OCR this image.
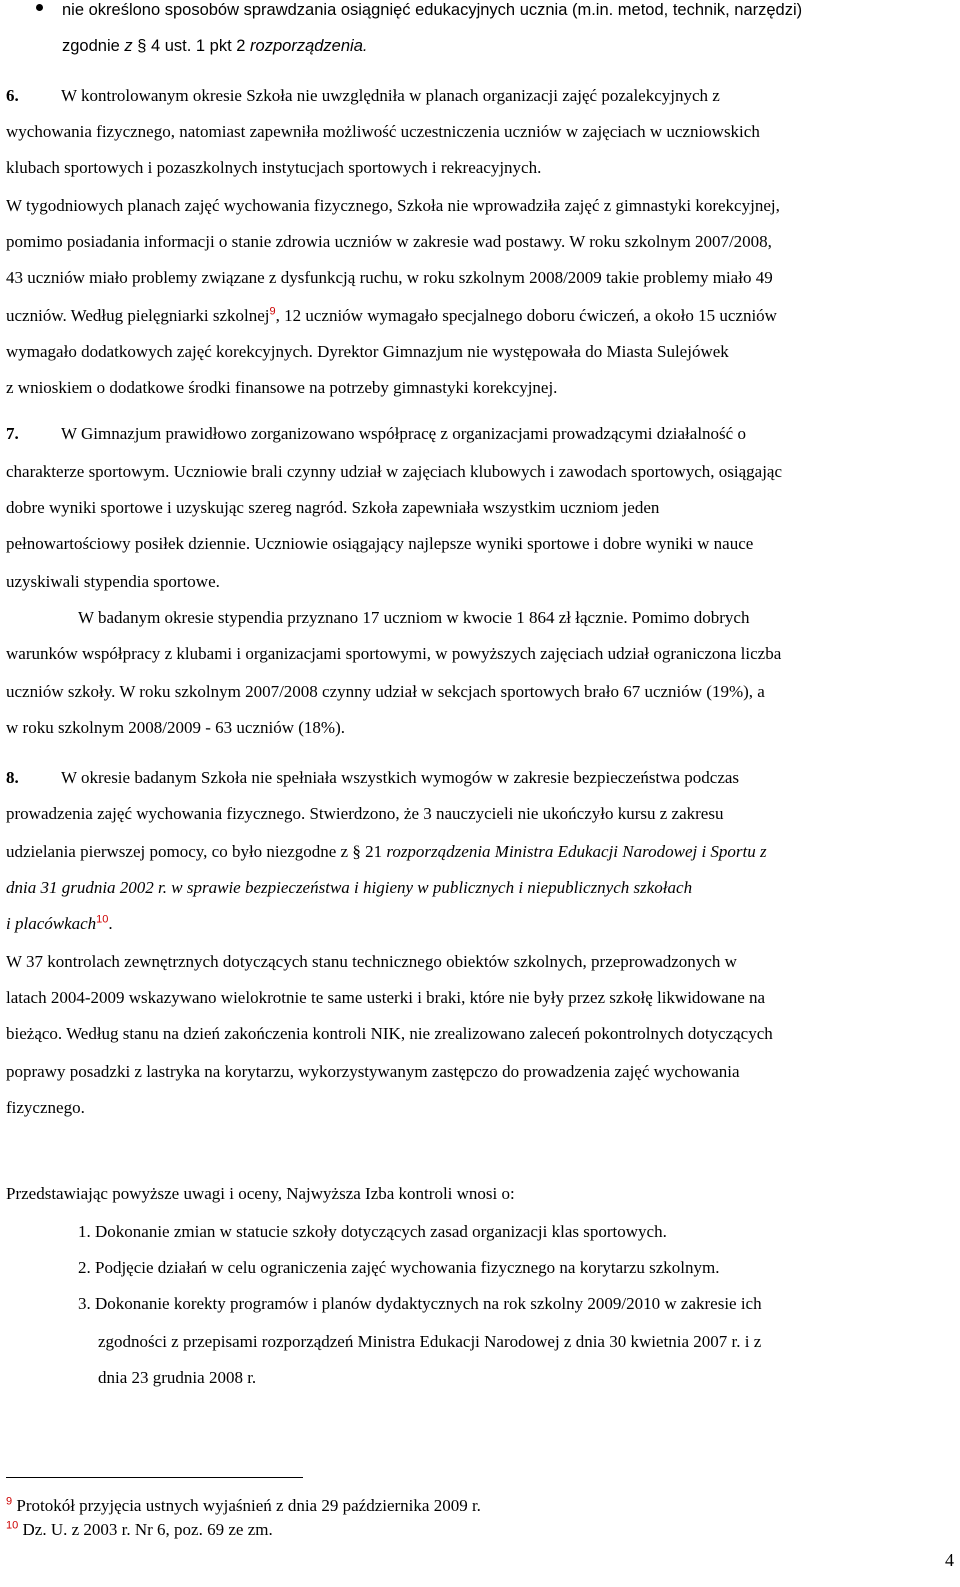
nie określono sposobów sprawdzania osiągnięć edukacyjnych ucznia (m.in. metod, technik, narzędzi)
zgodnie z § 4 ust. 1 pkt 2 rozporządzenia.
6. W kontrolowanym okresie Szkoła nie uwzględniła w planach organizacji zajęć pozalekcyjnych z
wychowania fizycznego, natomiast zapewniła możliwość uczestniczenia uczniów w zajęciach w uczniowskich
klubach sportowych i pozaszkolnych instytucjach sportowych i rekreacyjnych.
W tygodniowych planach zajęć wychowania fizycznego, Szkoła nie wprowadziła zajęć z gimnastyki korekcyjnej,
pomimo posiadania informacji o stanie zdrowia uczniów w zakresie wad postawy. W roku szkolnym 2007/2008,
43 uczniów miało problemy związane z dysfunkcją ruchu, w roku szkolnym 2008/2009 takie problemy miało 49
uczniów. Według pielęgniarki szkolnej$^9$, 12 uczniów wymagało specjalnego doboru ćwiczeń, a około 15 uczniów
wymagało dodatkowych zajęć korekcyjnych. Dyrektor Gimnazjum nie występowała do Miasta Sulejówek
z wnioskiem o dodatkowe środki finansowe na potrzeby gimnastyki korekcyjnej.
7. W Gimnazjum prawidłowo zorganizowano współpracę z organizacjami prowadzącymi działalność o
charakterze sportowym. Uczniowie brali czynny udział w zajęciach klubowych i zawodach sportowych, osiągając
dobre wyniki sportowe i uzyskując szereg nagród. Szkoła zapewniała wszystkim uczniom jeden
pełnowartościowy posiłek dziennie. Uczniowie osiągający najlepsze wyniki sportowe i dobre wyniki w nauce
uzyskiwali stypendia sportowe.
W badanym okresie stypendia przyznano 17 uczniom w kwocie 1 864 zł łącznie. Pomimo dobrych
warunków współpracy z klubami i organizacjami sportowymi, w powyższych zajęciach udział ograniczona liczba
uczniów szkoły. W roku szkolnym 2007/2008 czynny udział w sekcjach sportowych brało 67 uczniów (19%), a
w roku szkolnym 2008/2009 - 63 uczniów (18%).
8. W okresie badanym Szkoła nie spełniała wszystkich wymogów w zakresie bezpieczeństwa podczas
prowadzenia zajęć wychowania fizycznego. Stwierdzono, że 3 nauczycieli nie ukończyło kursu z zakresu
udzielania pierwszej pomocy, co było niezgodne z § 21 rozporządzenia Ministra Edukacji Narodowej i Sportu z
dnia 31 grudnia 2002 r. w sprawie bezpieczeństwa i higieny w publicznych i niepublicznych szkołach
i placówkach$^{10}$.
W 37 kontrolach zewnętrznych dotyczących stanu technicznego obiektów szkolnych, przeprowadzonych w
latach 2004-2009 wskazywano wielokrotnie te same usterki i braki, które nie były przez szkołę likwidowane na
bieżąco. Według stanu na dzień zakończenia kontroli NIK, nie zrealizowano zaleceń pokontrolnych dotyczących
poprawy posadzki z lastryka na korytarzu, wykorzystywanym zastępczo do prowadzenia zajęć wychowania
fizycznego.
Przedstawiając powyższe uwagi i oceny, Najwyższa Izba kontroli wnosi o:
1. Dokonanie zmian w statucie szkoły dotyczących zasad organizacji klas sportowych.
2. Podjęcie działań w celu ograniczenia zajęć wychowania fizycznego na korytarzu szkolnym.
3. Dokonanie korekty programów i planów dydaktycznych na rok szkolny 2009/2010 w zakresie ich
zgodności z przepisami rozporządzeń Ministra Edukacji Narodowej z dnia 30 kwietnia 2007 r. i z
dnia 23 grudnia 2008 r.
$^9$ Protokół przyjęcia ustnych wyjaśnień z dnia 29 października 2009 r.
$^{10}$ Dz. U. z 2003 r. Nr 6, poz. 69 ze zm.
4
